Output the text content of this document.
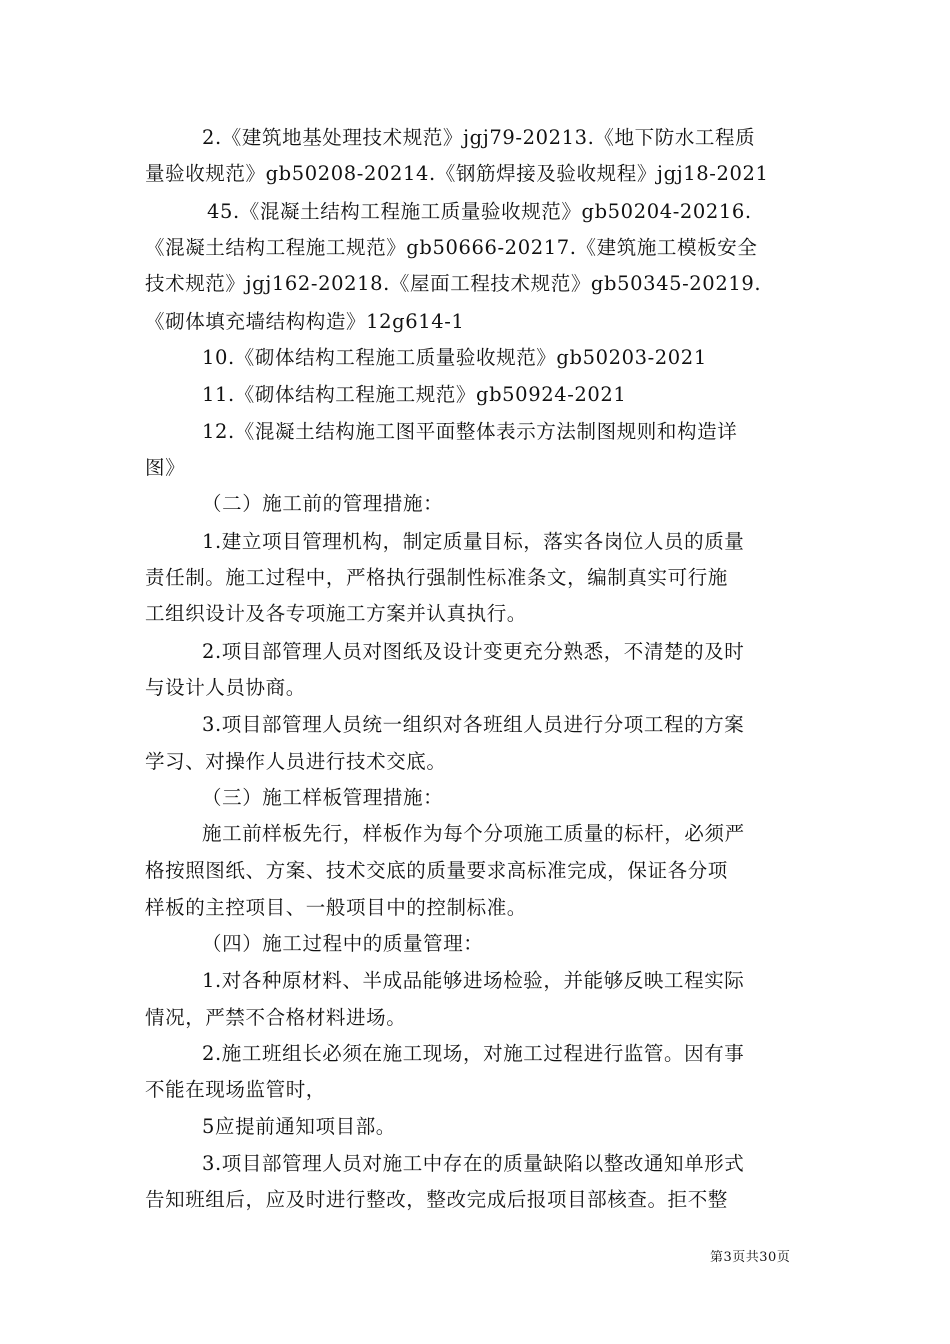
2.《建筑地基处理技术规范》jgj79-20213.《地下防水工程质
量验收规范》gb50208-20214.《钢筋焊接及验收规程》jgj18-2021
45.《混凝土结构工程施工质量验收规范》gb50204-20216.
《混凝土结构工程施工规范》gb50666-20217.《建筑施工模板安全
技术规范》jgj162-20218.《屋面工程技术规范》gb50345-20219.
《砌体填充墙结构构造》12g614-1
10.《砌体结构工程施工质量验收规范》gb50203-2021
11.《砌体结构工程施工规范》gb50924-2021
12.《混凝土结构施工图平面整体表示方法制图规则和构造详
图》
（二）施工前的管理措施：
1.建立项目管理机构，制定质量目标，落实各岗位人员的质量
责任制。施工过程中，严格执行强制性标准条文，编制真实可行施
工组织设计及各专项施工方案并认真执行。
2.项目部管理人员对图纸及设计变更充分熟悉，不清楚的及时
与设计人员协商。
3.项目部管理人员统一组织对各班组人员进行分项工程的方案
学习、对操作人员进行技术交底。
（三）施工样板管理措施：
施工前样板先行，样板作为每个分项施工质量的标杆，必须严
格按照图纸、方案、技术交底的质量要求高标准完成，保证各分项
样板的主控项目、一般项目中的控制标准。
（四）施工过程中的质量管理：
1.对各种原材料、半成品能够进场检验，并能够反映工程实际
情况，严禁不合格材料进场。
2.施工班组长必须在施工现场，对施工过程进行监管。因有事
不能在现场监管时，
5应提前通知项目部。
3.项目部管理人员对施工中存在的质量缺陷以整改通知单形式
告知班组后，应及时进行整改，整改完成后报项目部核查。拒不整
第3页共30页
